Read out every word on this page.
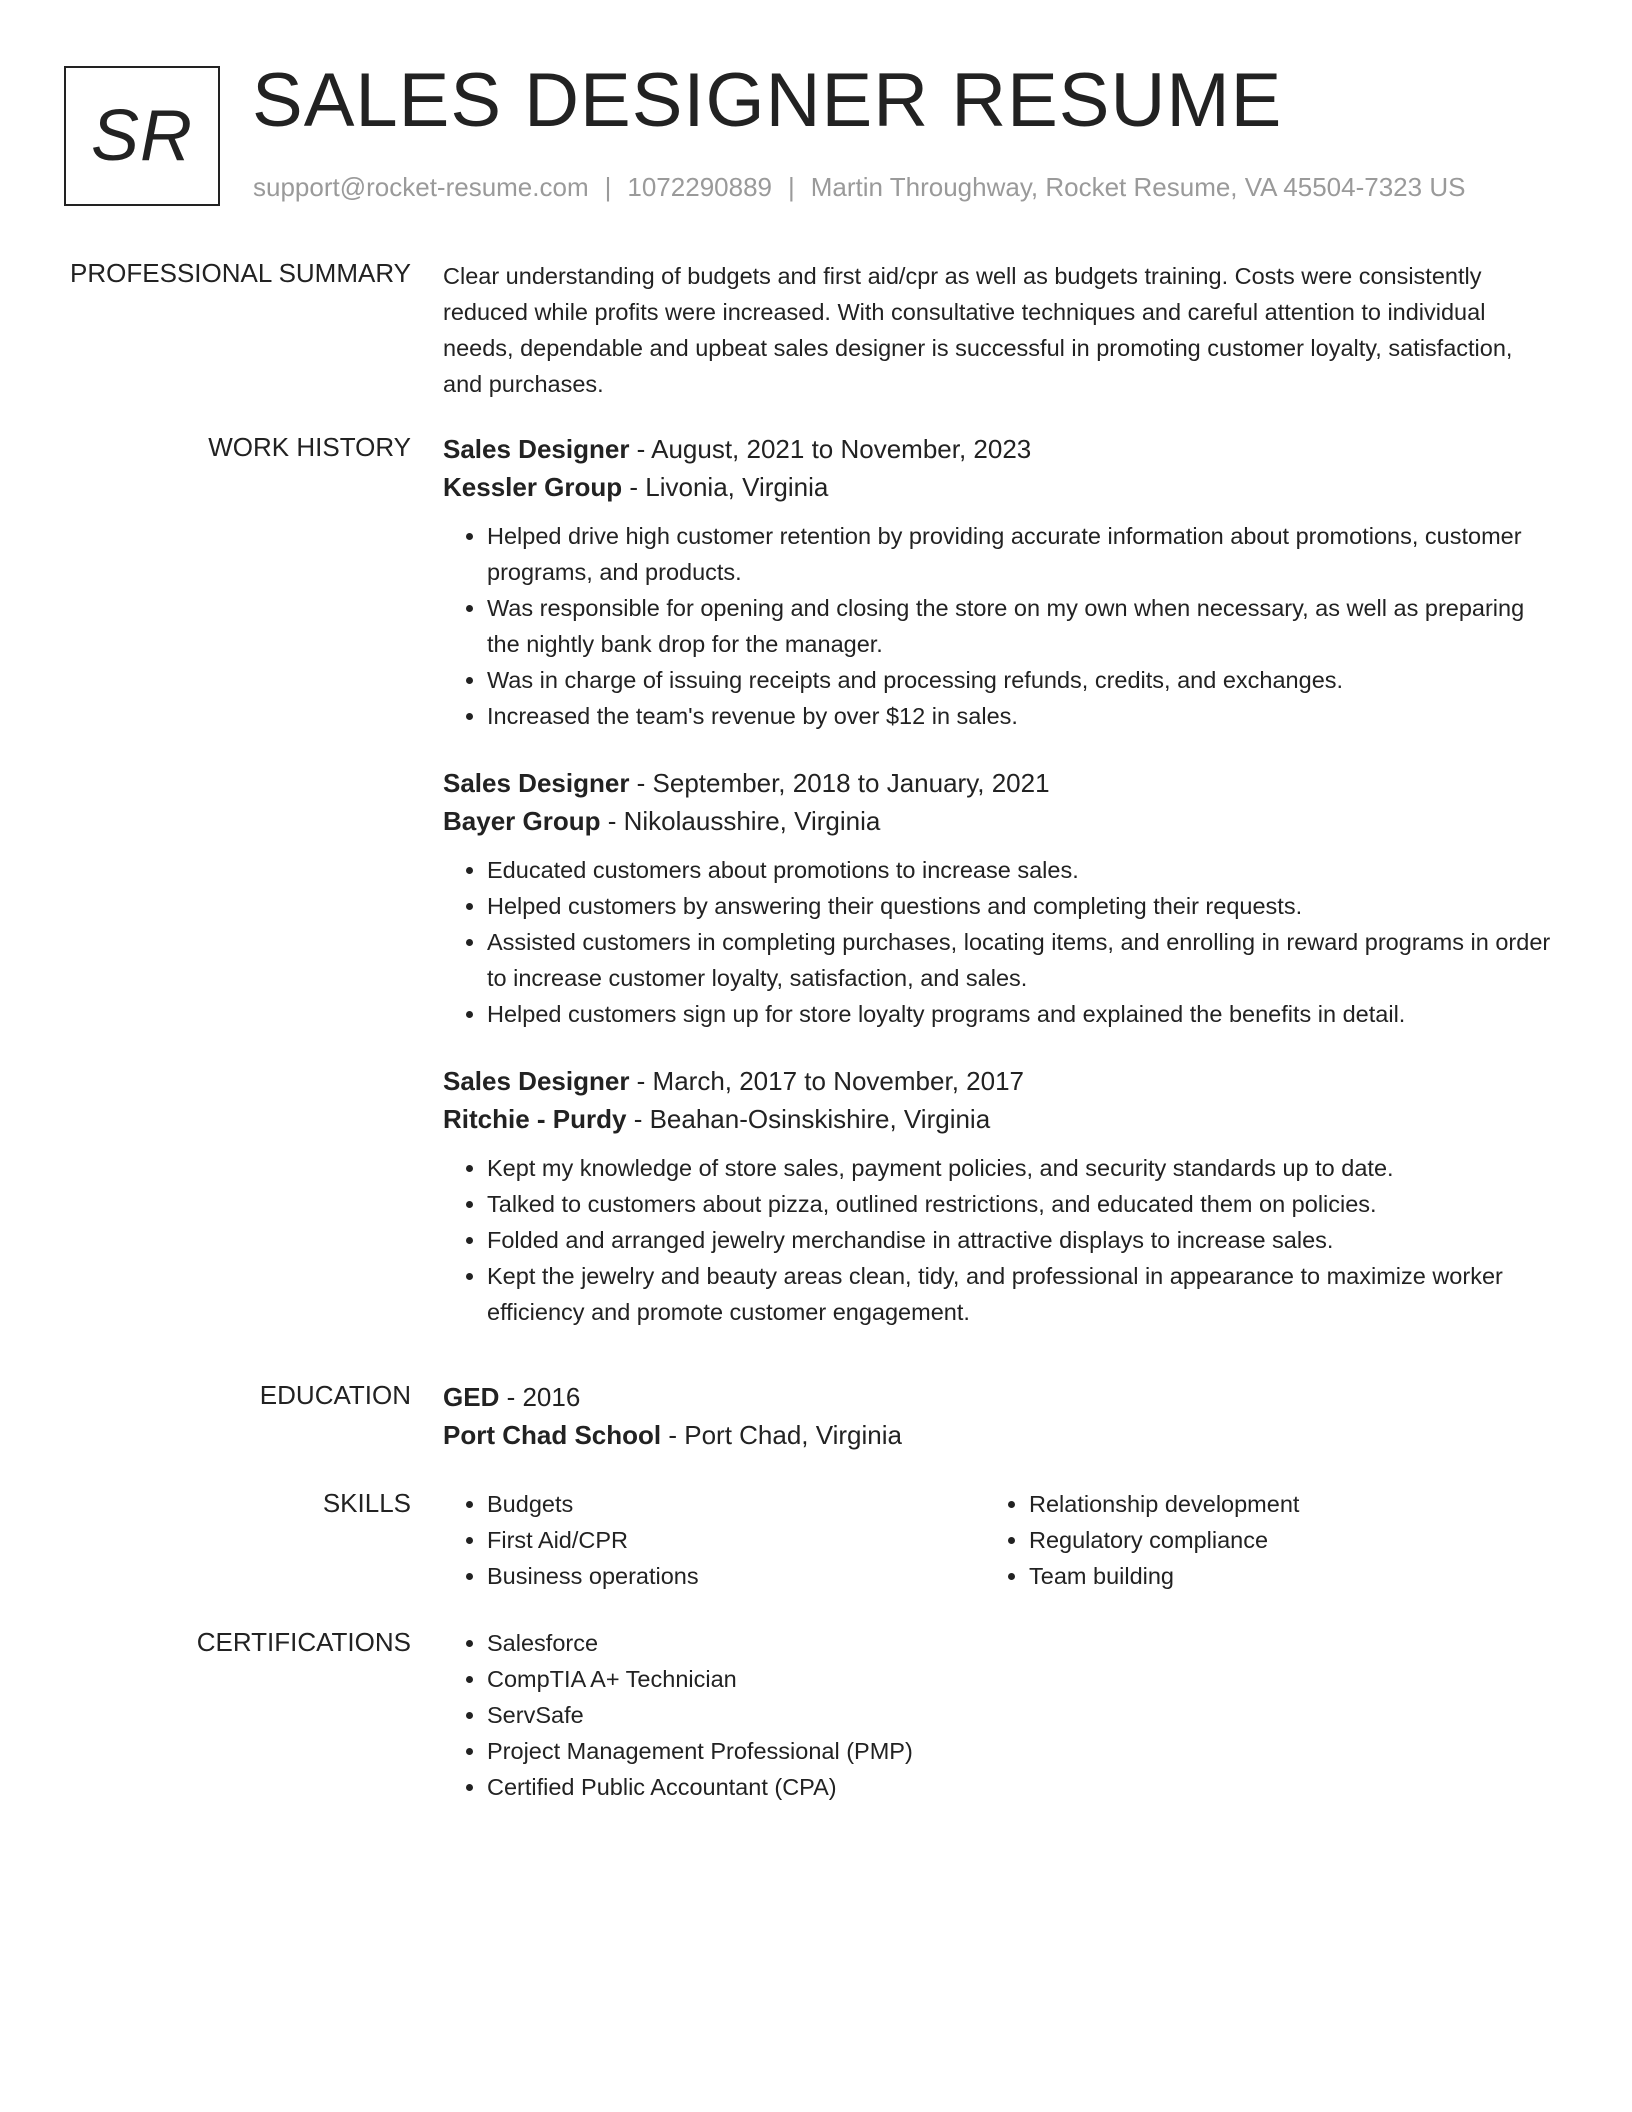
SR SALES DESIGNER RESUME
support@rocket-resume.com | 1072290889 | Martin Throughway, Rocket Resume, VA 45504-7323 US
PROFESSIONAL SUMMARY Clear understanding of budgets and first aid/cpr as well as budgets training. Costs were consistently reduced while profits were increased. With consultative techniques and careful attention to individual needs, dependable and upbeat sales designer is successful in promoting customer loyalty, satisfaction, and purchases.

WORK HISTORY Sales Designer - August, 2021 to November, 2023
Kessler Group - Livonia, Virginia
• Helped drive high customer retention by providing accurate information about promotions, customer programs, and products.
• Was responsible for opening and closing the store on my own when necessary, as well as preparing the nightly bank drop for the manager.
• Was in charge of issuing receipts and processing refunds, credits, and exchanges.
• Increased the team's revenue by over $12 in sales.
Sales Designer - September, 2018 to January, 2021
Bayer Group - Nikolausshire, Virginia
• Educated customers about promotions to increase sales.
• Helped customers by answering their questions and completing their requests.
• Assisted customers in completing purchases, locating items, and enrolling in reward programs in order to increase customer loyalty, satisfaction, and sales.
• Helped customers sign up for store loyalty programs and explained the benefits in detail.
Sales Designer - March, 2017 to November, 2017
Ritchie - Purdy - Beahan-Osinskishire, Virginia
• Kept my knowledge of store sales, payment policies, and security standards up to date.
• Talked to customers about pizza, outlined restrictions, and educated them on policies.
• Folded and arranged jewelry merchandise in attractive displays to increase sales.
• Kept the jewelry and beauty areas clean, tidy, and professional in appearance to maximize worker efficiency and promote customer engagement.
EDUCATION GED - 2016
Port Chad School - Port Chad, Virginia
SKILLS	• Budgets
• First Aid/CPR
• Business operations
• Relationship development
• Regulatory compliance
• Team building
CERTIFICATIONS	• Salesforce
• CompTIA A+ Technician
• ServSafe
• Project Management Professional (PMP)
• Certified Public Accountant (CPA)
